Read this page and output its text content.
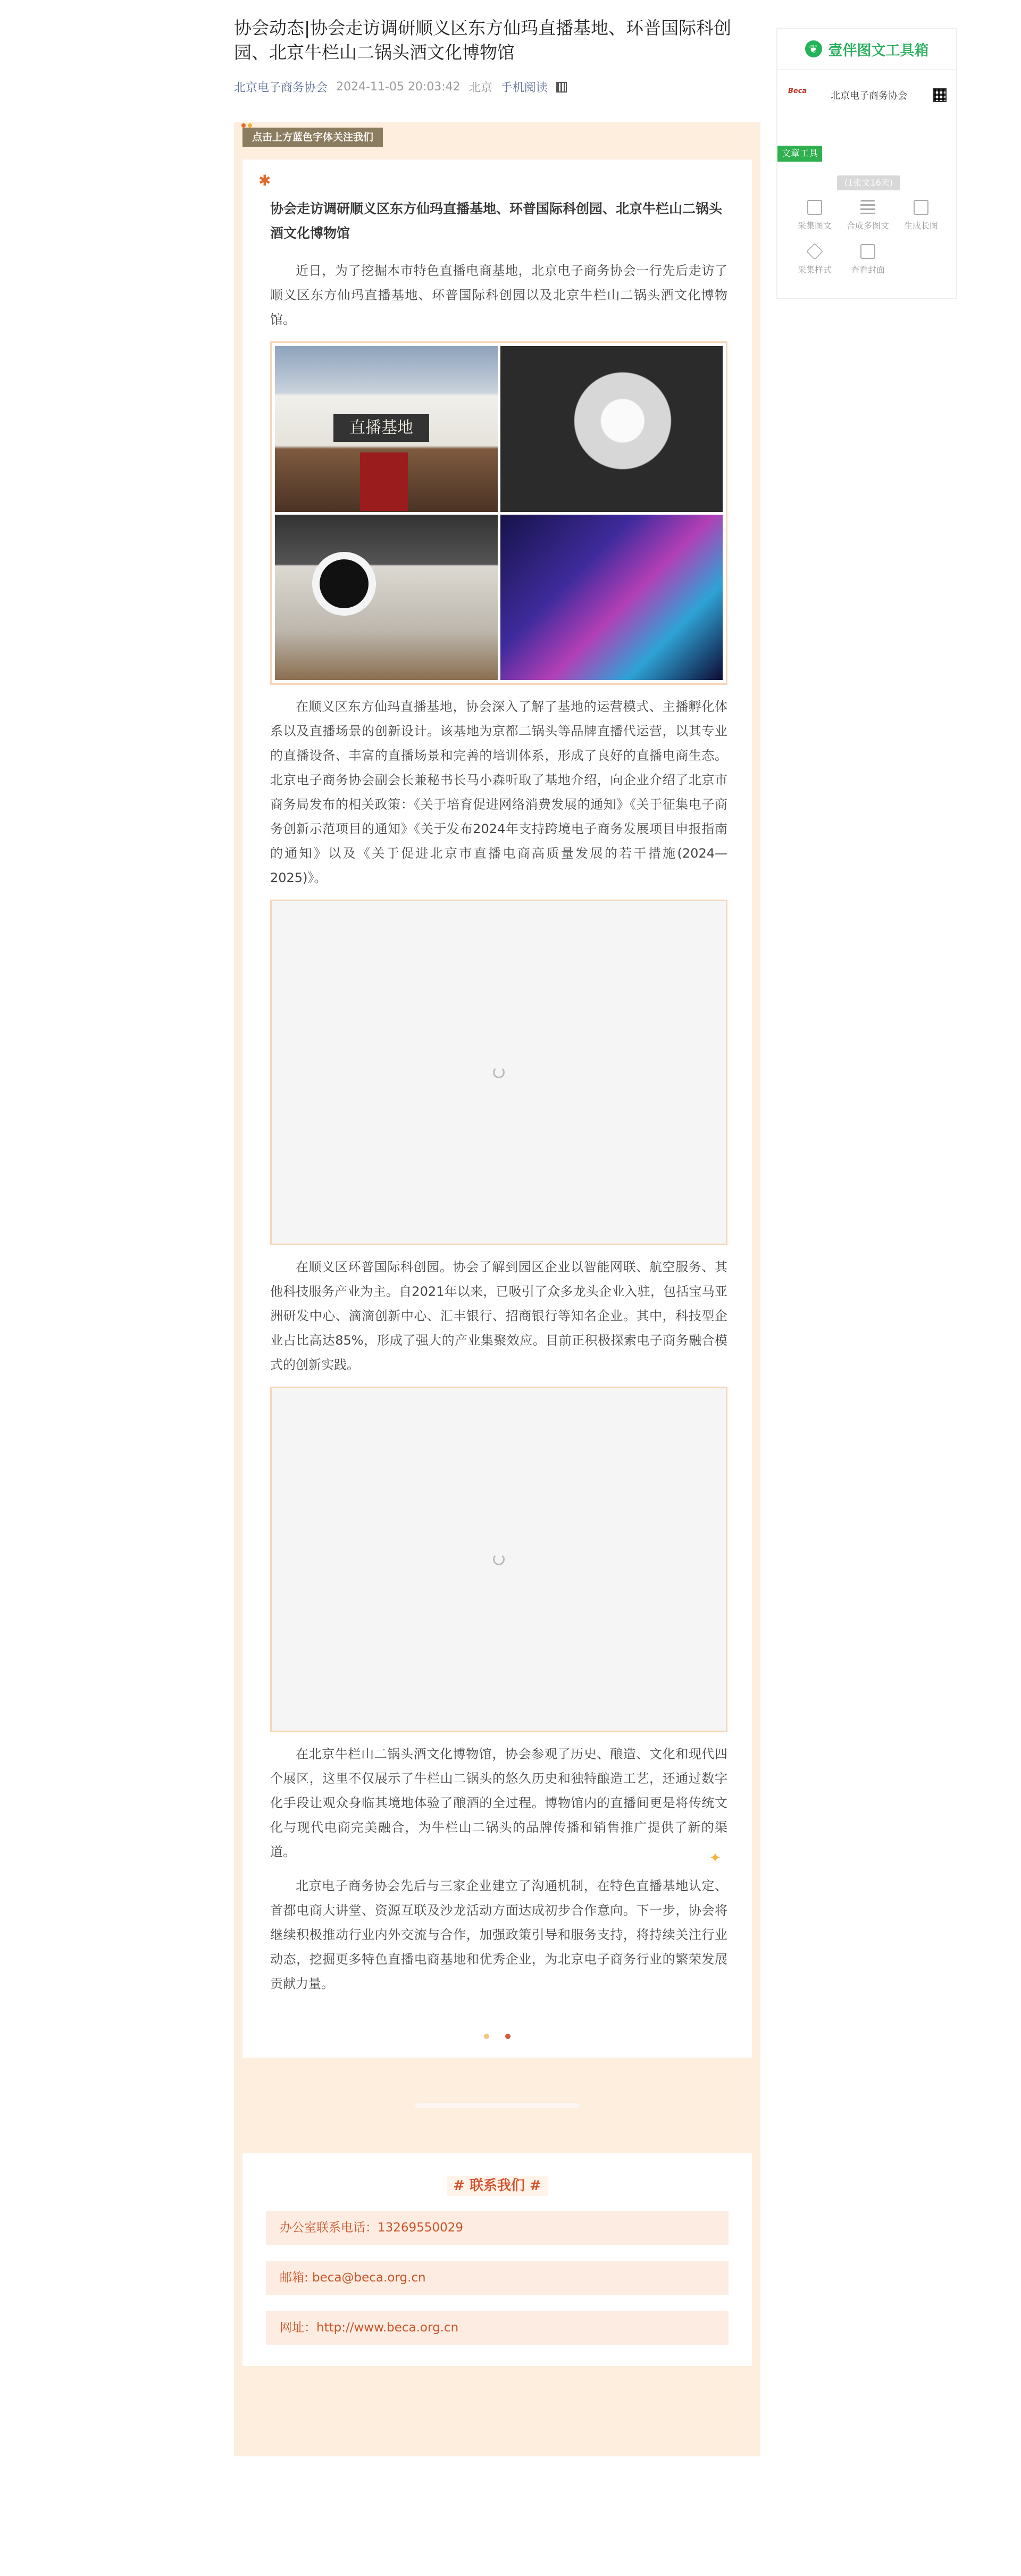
协会动态|协会走访调研顺义区东方仙玛直播基地、环普国际科创园、北京牛栏山二锅头酒文化博物馆
北京电子商务协会 2024-11-05 20:03:42 北京 手机阅读
点击上方蓝色字体关注我们
✱

协会走访调研顺义区东方仙玛直播基地、环普国际科创园、北京牛栏山二锅头酒文化博物馆

近日，为了挖掘本市特色直播电商基地，北京电子商务协会一行先后走访了顺义区东方仙玛直播基地、环普国际科创园以及北京牛栏山二锅头酒文化博物馆。

直播基地

在顺义区东方仙玛直播基地，协会深入了解了基地的运营模式、主播孵化体系以及直播场景的创新设计。该基地为京都二锅头等品牌直播代运营，以其专业的直播设备、丰富的直播场景和完善的培训体系，形成了良好的直播电商生态。北京电子商务协会副会长兼秘书长马小森听取了基地介绍，向企业介绍了北京市商务局发布的相关政策：《关于培育促进网络消费发展的通知》《关于征集电子商务创新示范项目的通知》《关于发布2024年支持跨境电子商务发展项目申报指南的通知》以及《关于促进北京市直播电商高质量发展的若干措施(2024—2025)》。

在顺义区环普国际科创园。协会了解到园区企业以智能网联、航空服务、其他科技服务产业为主。自2021年以来，已吸引了众多龙头企业入驻，包括宝马亚洲研发中心、滴滴创新中心、汇丰银行、招商银行等知名企业。其中，科技型企业占比高达85%，形成了强大的产业集聚效应。目前正积极探索电子商务融合模式的创新实践。

在北京牛栏山二锅头酒文化博物馆，协会参观了历史、酿造、文化和现代四个展区，这里不仅展示了牛栏山二锅头的悠久历史和独特酿造工艺，还通过数字化手段让观众身临其境地体验了酿酒的全过程。博物馆内的直播间更是将传统文化与现代电商完美融合，为牛栏山二锅头的品牌传播和销售推广提供了新的渠道。

北京电子商务协会先后与三家企业建立了沟通机制，在特色直播基地认定、首都电商大讲堂、资源互联及沙龙活动方面达成初步合作意向。下一步，协会将继续积极推动行业内外交流与合作，加强政策引导和服务支持，将持续关注行业动态，挖掘更多特色直播电商基地和优秀企业，为北京电子商务行业的繁荣发展贡献力量。

✦

# 联系我们 #
办公室联系电话：13269550029
邮箱: beca@beca.org.cn
网址：http://www.beca.org.cn
❦ 壹伴图文工具箱
Beca	北京电子商务协会
文章工具
(1张文16天)
采集图文	合成多图文	生成长图
采集样式	查看封面
